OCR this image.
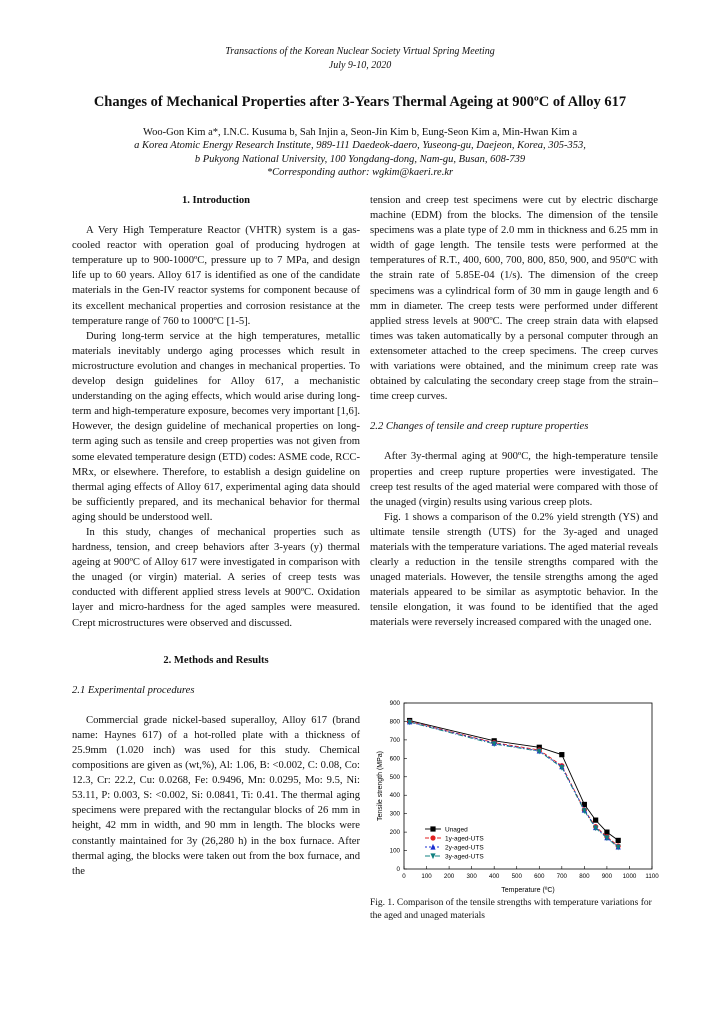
Transactions of the Korean Nuclear Society Virtual Spring Meeting
July 9-10, 2020
Changes of Mechanical Properties after 3-Years Thermal Ageing at 900ºC of Alloy 617
Woo-Gon Kim a*, I.N.C. Kusuma b, Sah Injin a, Seon-Jin Kim b, Eung-Seon Kim a, Min-Hwan Kim a
a Korea Atomic Energy Research Institute, 989-111 Daedeok-daero, Yuseong-gu, Daejeon, Korea, 305-353,
b Pukyong National University, 100 Yongdang-dong, Nam-gu, Busan, 608-739
*Corresponding author: wgkim@kaeri.re.kr

1. Introduction

A Very High Temperature Reactor (VHTR) system is a gas-cooled reactor with operation goal of producing hydrogen at temperature up to 900-1000ºC, pressure up to 7 MPa, and design life up to 60 years. Alloy 617 is identified as one of the candidate materials in the Gen-IV reactor systems for component because of its excellent mechanical properties and corrosion resistance at the temperature range of 760 to 1000ºC [1-5].

During long-term service at the high temperatures, metallic materials inevitably undergo aging processes which result in microstructure evolution and changes in mechanical properties. To develop design guidelines for Alloy 617, a mechanistic understanding on the aging effects, which would arise during long-term and high-temperature exposure, becomes very important [1,6]. However, the design guideline of mechanical properties on long-term aging such as tensile and creep properties was not given from some elevated temperature design (ETD) codes: ASME code, RCC-MRx, or elsewhere. Therefore, to establish a design guideline on thermal aging effects of Alloy 617, experimental aging data should be sufficiently prepared, and its mechanical behavior for thermal aging should be understood well.

In this study, changes of mechanical properties such as hardness, tension, and creep behaviors after 3-years (y) thermal ageing at 900ºC of Alloy 617 were investigated in comparison with the unaged (or virgin) material. A series of creep tests was conducted with different applied stress levels at 900ºC. Oxidation layer and micro-hardness for the aged samples were measured. Crept microstructures were observed and discussed.

2. Methods and Results

2.1 Experimental procedures

Commercial grade nickel-based superalloy, Alloy 617 (brand name: Haynes 617) of a hot-rolled plate with a thickness of 25.9mm (1.020 inch) was used for this study. Chemical compositions are given as (wt,%), Al: 1.06, B: <0.002, C: 0.08, Co: 12.3, Cr: 22.2, Cu: 0.0268, Fe: 0.9496, Mn: 0.0295, Mo: 9.5, Ni: 53.11, P: 0.003, S: <0.002, Si: 0.0841, Ti: 0.41. The thermal aging specimens were prepared with the rectangular blocks of 26 mm in height, 42 mm in width, and 90 mm in length. The blocks were constantly maintained for 3y (26,280 h) in the box furnace. After thermal aging, the blocks were taken out from the box furnace, and the

tension and creep test specimens were cut by electric discharge machine (EDM) from the blocks. The dimension of the tensile specimens was a plate type of 2.0 mm in thickness and 6.25 mm in width of gage length. The tensile tests were performed at the temperatures of R.T., 400, 600, 700, 800, 850, 900, and 950ºC with the strain rate of 5.85E-04 (1/s). The dimension of the creep specimens was a cylindrical form of 30 mm in gauge length and 6 mm in diameter. The creep tests were performed under different applied stress levels at 900ºC. The creep strain data with elapsed times was taken automatically by a personal computer through an extensometer attached to the creep specimens. The creep curves with variations were obtained, and the minimum creep rate was obtained by calculating the secondary creep stage from the strain–time creep curves.

2.2 Changes of tensile and creep rupture properties

After 3y-thermal aging at 900ºC, the high-temperature tensile properties and creep rupture properties were investigated. The creep test results of the aged material were compared with those of the unaged (virgin) results using various creep plots.

Fig. 1 shows a comparison of the 0.2% yield strength (YS) and ultimate tensile strength (UTS) for the 3y-aged and unaged materials with the temperature variations. The aged material reveals clearly a reduction in the tensile strengths compared with the unaged materials. However, the tensile strengths among the aged materials appeared to be similar as asymptotic behavior. In the tensile elongation, it was found to be identified that the aged materials were reversely increased compared with the unaged one.

0	100 200 300 400 500 600 700 800 900 1000 1100
0
100
200
300
400
500
600
700
800
900
Temperature (ºC)
Tensile strength (MPa)
Unaged
1y-aged-UTS
2y-aged-UTS
3y-aged-UTS
Fig. 1. Comparison of the tensile strengths with temperature variations for the aged and unaged materials
